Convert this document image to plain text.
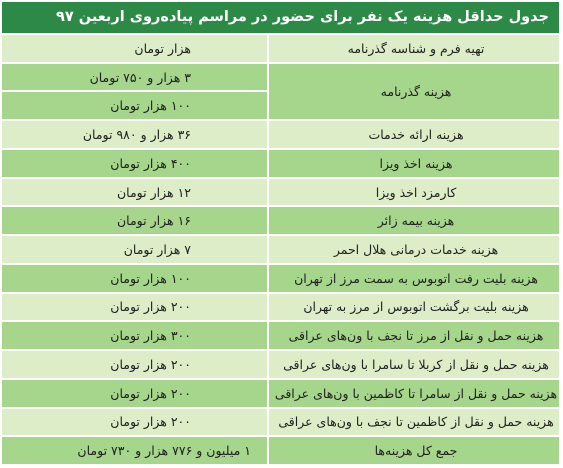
جدول حداقل هزینه یک نفر برای حضور در مراسم پیاده‌روی اربعین ۹۷
تهیه فرم و شناسه گذرنامه
هزار تومان
هزینه گذرنامه
۳ هزار و ۷۵۰ تومان
۱۰۰ هزار تومان
هزینه ارائه خدمات
۳۶ هزار و ۹۸۰ تومان
هزینه اخذ ویزا
۴۰۰ هزار تومان
کارمزد اخذ ویزا
۱۲ هزار تومان
هزینه بیمه زائر
۱۶ هزار تومان
هزینه خدمات درمانی هلال احمر
۷ هزار تومان
هزینه بلیت رفت اتوبوس به سمت مرز از تهران
۱۰۰ هزار تومان
هزینه بلیت برگشت اتوبوس از مرز به تهران
۲۰۰ هزار تومان
هزینه حمل و نقل از مرز تا نجف با ون‌های عراقی
۳۰۰ هزار تومان
هزینه حمل و نقل از کربلا تا سامرا با ون‌های عراقی
۲۰۰ هزار تومان
هزینه حمل و نقل از سامرا تا کاظمین با ون‌های عراقی
۲۰۰ هزار تومان
هزینه حمل و نقل از کاظمین تا نجف با ون‌های عراقی
۲۰۰ هزار تومان
جمع کل هزینه‌ها
۱ میلیون و ۷۷۶ هزار و ۷۳۰ تومان
